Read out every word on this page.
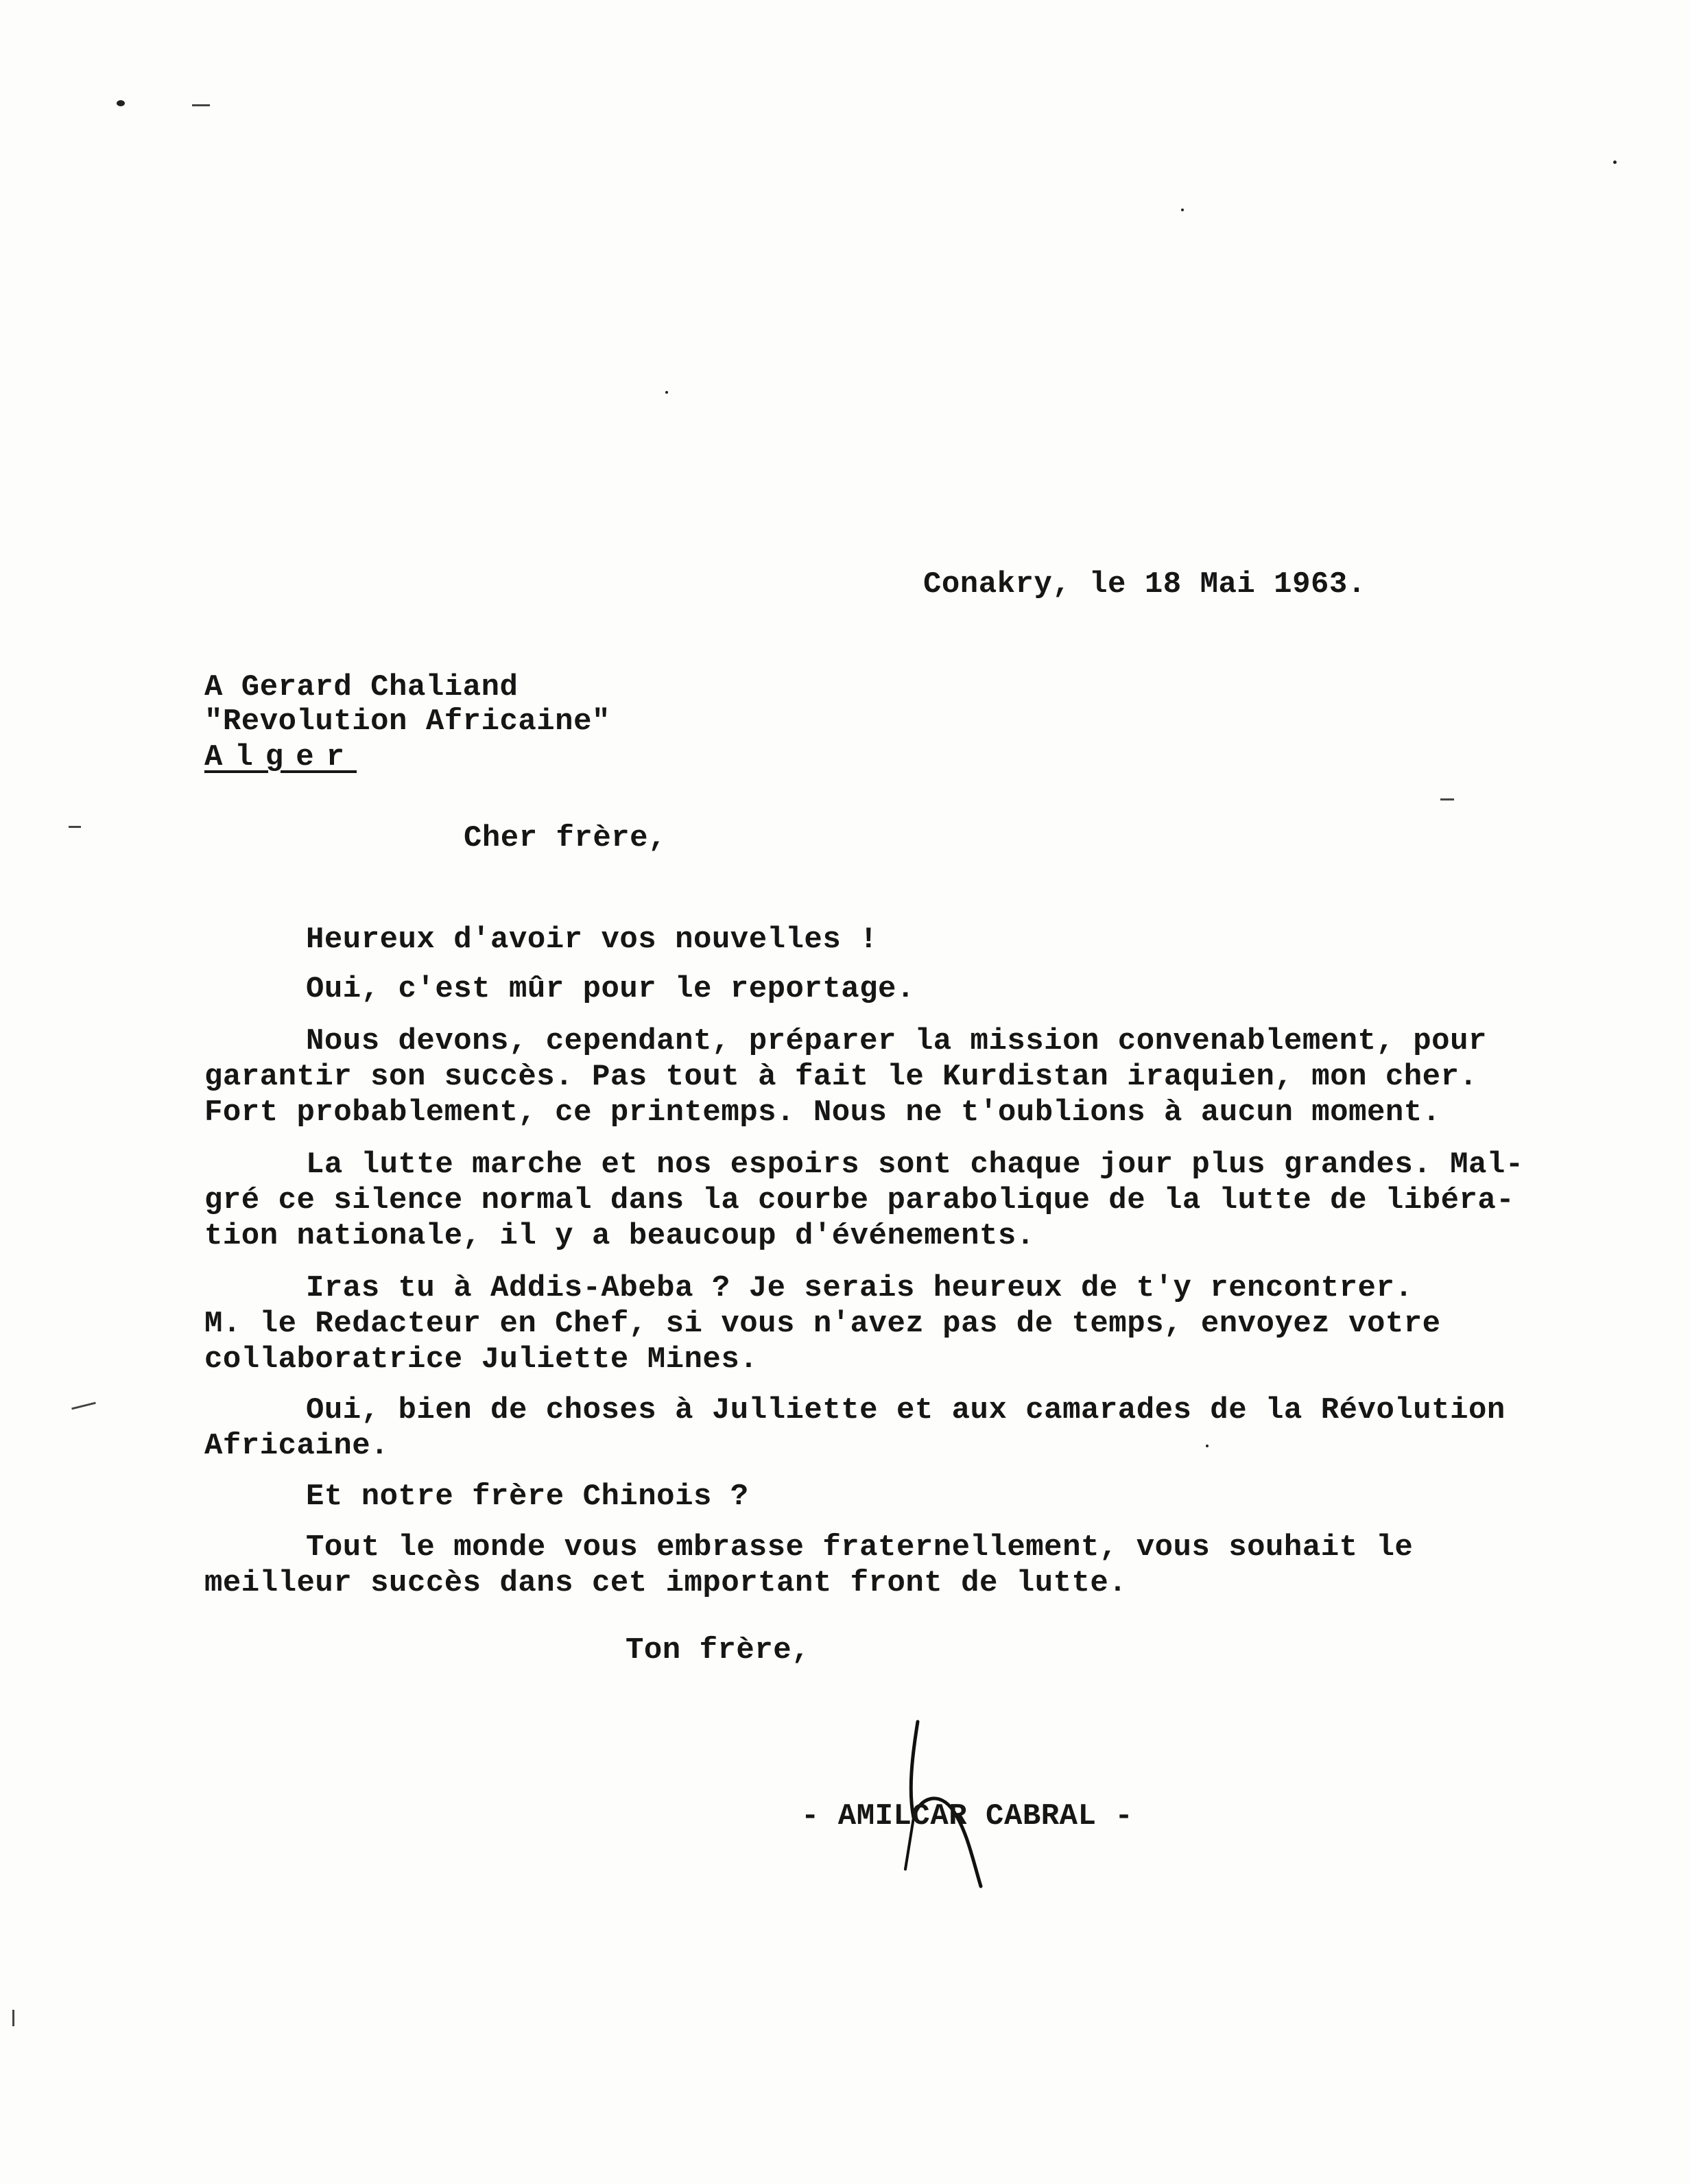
Conakry, le 18 Mai 1963.
A Gerard Chaliand
"Revolution Africaine"
Alger
Cher frère,
Heureux d'avoir vos nouvelles !
Oui, c'est mûr pour le reportage.
Nous devons, cependant, préparer la mission convenablement, pour
garantir son succès. Pas tout à fait le Kurdistan iraquien, mon cher.
Fort probablement, ce printemps. Nous ne t'oublions à aucun moment.
La lutte marche et nos espoirs sont chaque jour plus grandes. Mal-
gré ce silence normal dans la courbe parabolique de la lutte de libéra-
tion nationale, il y a beaucoup d'événements.
Iras tu à Addis-Abeba ? Je serais heureux de t'y rencontrer.
M. le Redacteur en Chef, si vous n'avez pas de temps, envoyez votre
collaboratrice Juliette Mines.
Oui, bien de choses à Julliette et aux camarades de la Révolution
Africaine.
Et notre frère Chinois ?
Tout le monde vous embrasse fraternellement, vous souhait le
meilleur succès dans cet important front de lutte.
Ton frère,
- AMILCAR CABRAL -
